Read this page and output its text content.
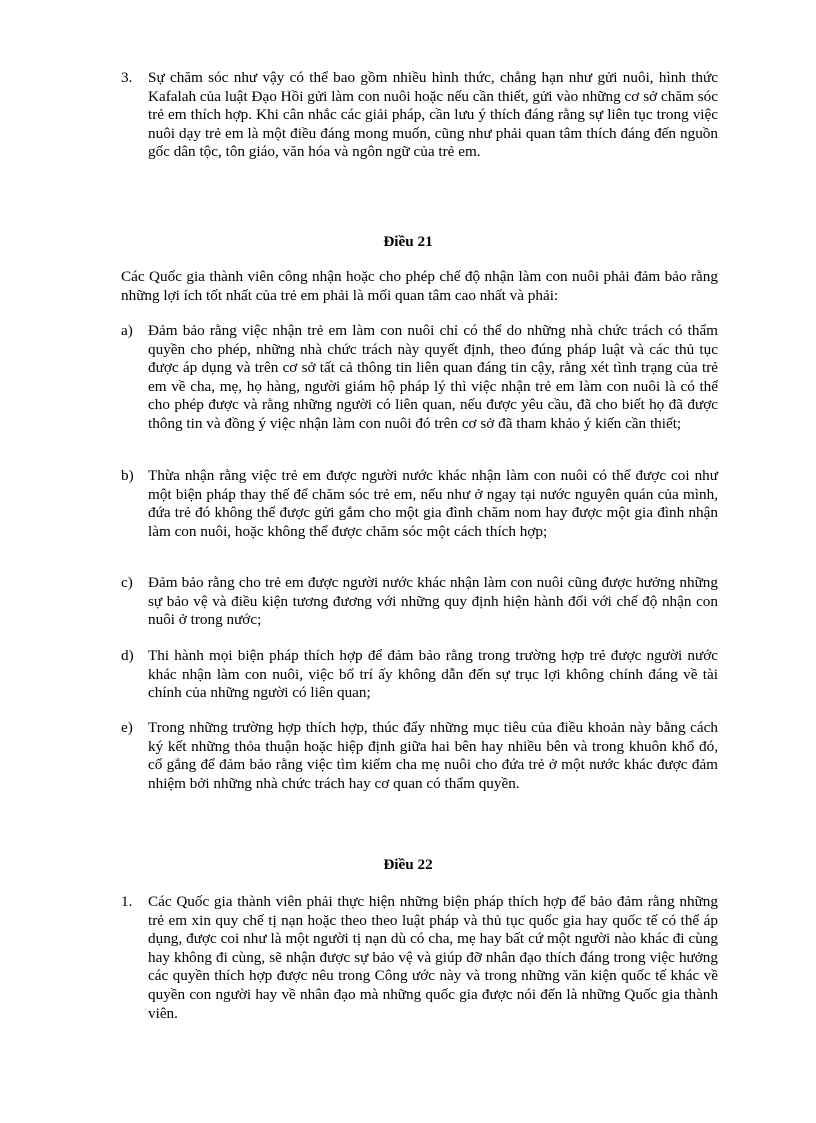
3. Sự chăm sóc như vậy có thể bao gồm nhiều hình thức, chẳng hạn như gửi nuôi, hình thức Kafalah của luật Đạo Hồi gửi làm con nuôi hoặc nếu cần thiết, gửi vào những cơ sở chăm sóc trẻ em thích hợp. Khi cân nhắc các giải pháp, cần lưu ý thích đáng rằng sự liên tục trong việc nuôi dạy trẻ em là một điều đáng mong muốn, cũng như phải quan tâm thích đáng đến nguồn gốc dân tộc, tôn giáo, văn hóa và ngôn ngữ của trẻ em.
Điều 21
Các Quốc gia thành viên công nhận hoặc cho phép chế độ nhận làm con nuôi phải đảm bảo rằng những lợi ích tốt nhất của trẻ em phải là mối quan tâm cao nhất và phải:
a) Đảm bảo rằng việc nhận trẻ em làm con nuôi chỉ có thể do những nhà chức trách có thẩm quyền cho phép, những nhà chức trách này quyết định, theo đúng pháp luật và các thủ tục được áp dụng và trên cơ sở tất cả thông tin liên quan đáng tin cậy, rằng xét tình trạng của trẻ em về cha, mẹ, họ hàng, người giám hộ pháp lý thì việc nhận trẻ em làm con nuôi là có thể cho phép được và rằng những người có liên quan, nếu được yêu cầu, đã cho biết họ đã được thông tin và đồng ý việc nhận làm con nuôi đó trên cơ sở đã tham khảo ý kiến cần thiết;
b) Thừa nhận rằng việc trẻ em được người nước khác nhận làm con nuôi có thể được coi như một biện pháp thay thế để chăm sóc trẻ em, nếu như ở ngay tại nước nguyên quán của mình, đứa trẻ đó không thể được gửi gắm cho một gia đình chăm nom hay được một gia đình nhận làm con nuôi, hoặc không thể được chăm sóc một cách thích hợp;
c) Đảm bảo rằng cho trẻ em được người nước khác nhận làm con nuôi cũng được hưởng những sự bảo vệ và điều kiện tương đương với những quy định hiện hành đối với chế độ nhận con nuôi ở trong nước;
d) Thi hành mọi biện pháp thích hợp để đảm bảo rằng trong trường hợp trẻ được người nước khác nhận làm con nuôi, việc bố trí ấy không dẫn đến sự trục lợi không chính đáng về tài chính của những người có liên quan;
e) Trong những trường hợp thích hợp, thúc đẩy những mục tiêu của điều khoản này bằng cách ký kết những thỏa thuận hoặc hiệp định giữa hai bên hay nhiều bên và trong khuôn khổ đó, cố gắng để đảm bảo rằng việc tìm kiếm cha mẹ nuôi cho đứa trẻ ở một nước khác được đảm nhiệm bởi những nhà chức trách hay cơ quan có thẩm quyền.
Điều 22
1. Các Quốc gia thành viên phải thực hiện những biện pháp thích hợp để bảo đảm rằng những trẻ em xin quy chế tị nạn hoặc theo theo luật pháp và thủ tục quốc gia hay quốc tế có thể áp dụng, được coi như là một người tị nạn dù có cha, mẹ hay bất cứ một người nào khác đi cùng hay không đi cùng, sẽ nhận được sự bảo vệ và giúp đỡ nhân đạo thích đáng trong việc hưởng các quyền thích hợp được nêu trong Công ước này và trong những văn kiện quốc tế khác về quyền con người hay về nhân đạo mà những quốc gia được nói đến là những Quốc gia thành viên.
